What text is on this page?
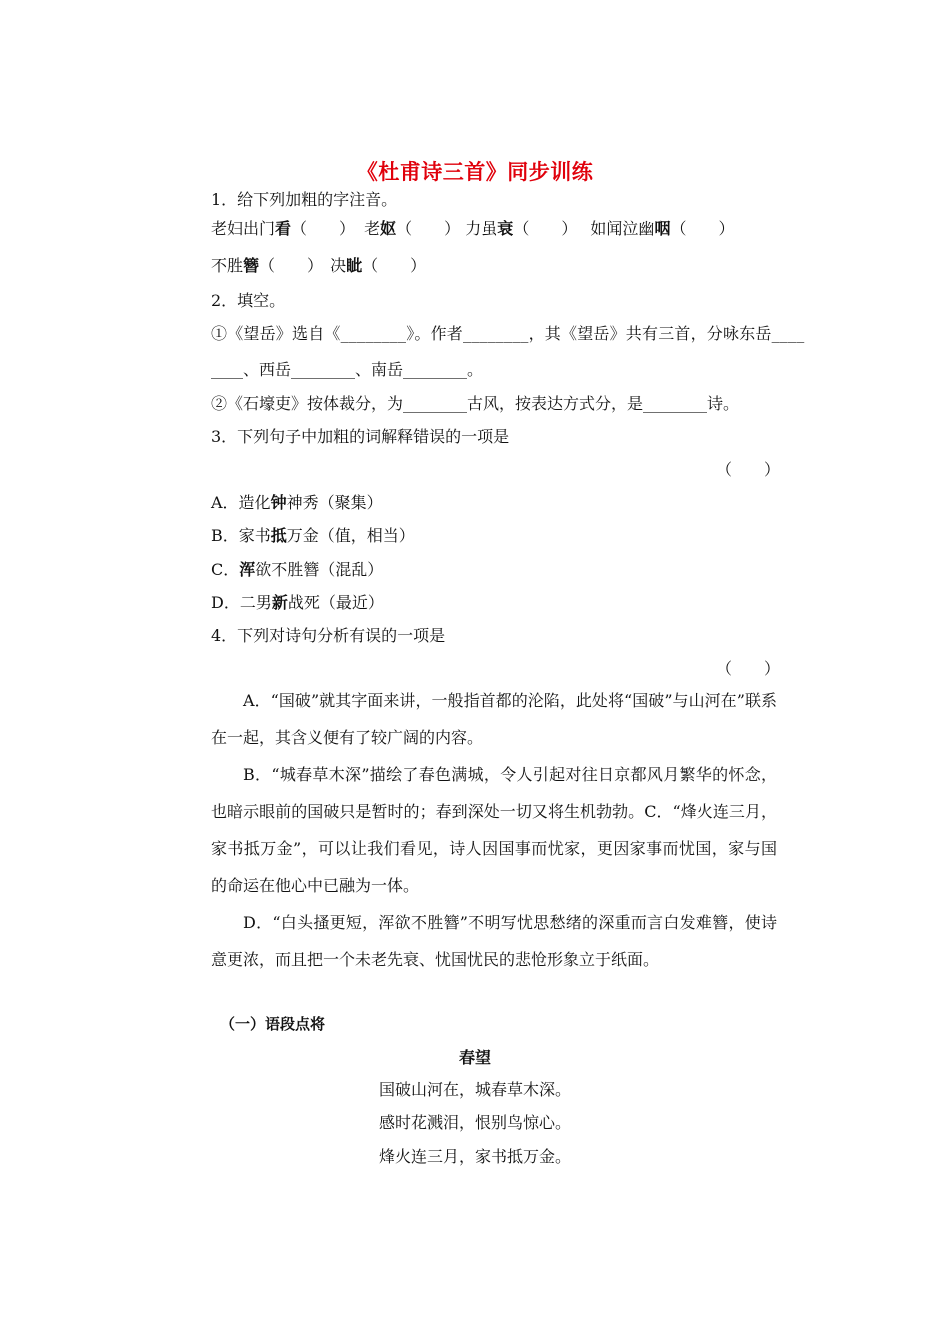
《杜甫诗三首》同步训练
1．给下列加粗的字注音。
老妇出门看（　　） 老妪（　　） 力虽衰（　　） 如闻泣幽咽（　　）
不胜簪（　　） 决眦（　　）
2．填空。
①《望岳》选自《________》。作者________，其《望岳》共有三首，分咏东岳____
____、西岳________、南岳________。
②《石壕吏》按体裁分，为________古风，按表达方式分，是________诗。
3．下列句子中加粗的词解释错误的一项是
（　　）
A．造化钟神秀（聚集）
B．家书抵万金（值，相当）
C．浑欲不胜簪（混乱）
D．二男新战死（最近）
4．下列对诗句分析有误的一项是
（　　）
A．“国破”就其字面来讲，一般指首都的沦陷，此处将“国破”与山河在”联系在一起，其含义便有了较广阔的内容。
B．“城春草木深”描绘了春色满城，令人引起对往日京都风月繁华的怀念，也暗示眼前的国破只是暂时的；春到深处一切又将生机勃勃。C．“烽火连三月，家书抵万金”，可以让我们看见，诗人因国事而忧家，更因家事而忧国，家与国的命运在他心中已融为一体。
D．“白头搔更短，浑欲不胜簪”不明写忧思愁绪的深重而言白发难簪，使诗意更浓，而且把一个未老先衰、忧国忧民的悲怆形象立于纸面。
（一）语段点将
春望
国破山河在，城春草木深。
感时花溅泪，恨别鸟惊心。
烽火连三月，家书抵万金。
